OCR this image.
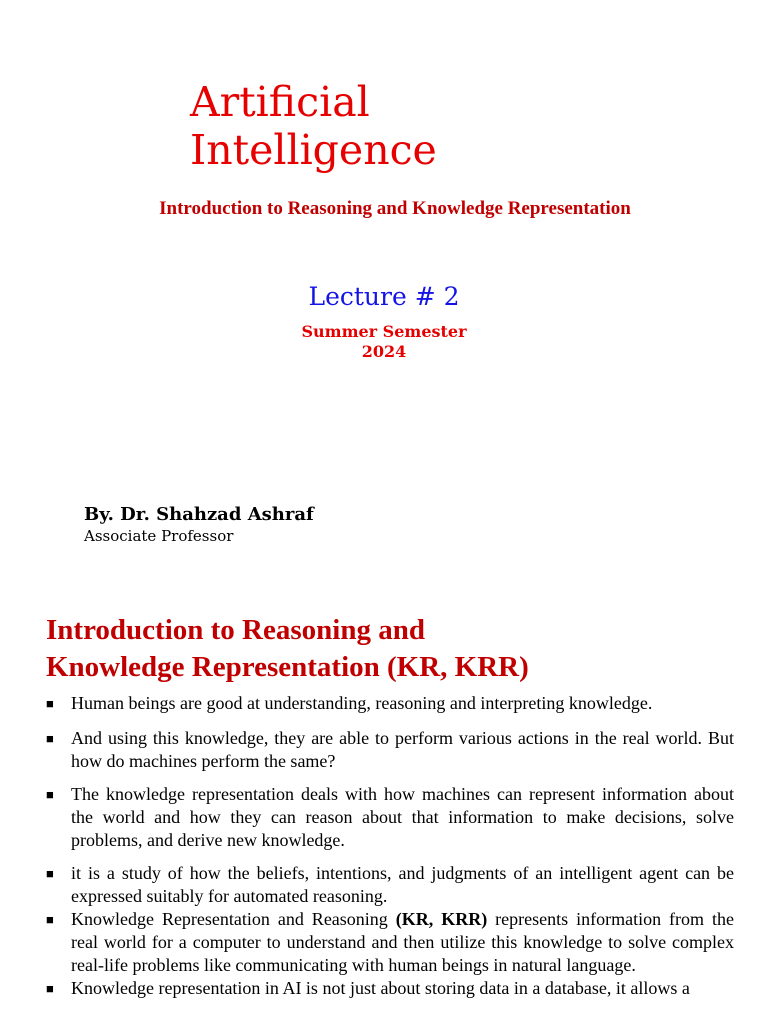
Artificial
Intelligence
Introduction to Reasoning and Knowledge Representation
Lecture # 2
Summer Semester
2024
By. Dr. Shahzad Ashraf
Associate Professor
Introduction to Reasoning and
Knowledge Representation (KR, KRR)
■ Human beings are good at understanding, reasoning and interpreting knowledge.
■ And using this knowledge, they are able to perform various actions in the real world. But how do machines perform the same?
■ The knowledge representation deals with how machines can represent information about the world and how they can reason about that information to make decisions, solve problems, and derive new knowledge.
■ it is a study of how the beliefs, intentions, and judgments of an intelligent agent can be expressed suitably for automated reasoning.
■ Knowledge Representation and Reasoning (KR, KRR) represents information from the real world for a computer to understand and then utilize this knowledge to solve complex real-life problems like communicating with human beings in natural language.
■ Knowledge representation in AI is not just about storing data in a database, it allows a
